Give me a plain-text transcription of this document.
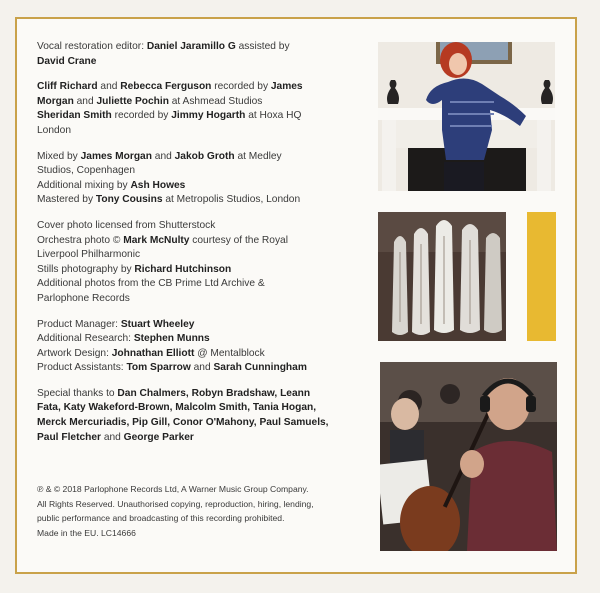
Vocal restoration editor: Daniel Jaramillo G assisted by
David Crane
Cliff Richard and Rebecca Ferguson recorded by James
Morgan and Juliette Pochin at Ashmead Studios
Sheridan Smith recorded by Jimmy Hogarth at Hoxa HQ
London
Mixed by James Morgan and Jakob Groth at Medley
Studios, Copenhagen
Additional mixing by Ash Howes
Mastered by Tony Cousins at Metropolis Studios, London
Cover photo licensed from Shutterstock
Orchestra photo © Mark McNulty courtesy of the Royal
Liverpool Philharmonic
Stills photography by Richard Hutchinson
Additional photos from the CB Prime Ltd Archive &
Parlophone Records
Product Manager: Stuart Wheeley
Additional Research: Stephen Munns
Artwork Design: Johnathan Elliott @ Mentalblock
Product Assistants: Tom Sparrow and Sarah Cunningham
Special thanks to Dan Chalmers, Robyn Bradshaw, Leann
Fata, Katy Wakeford-Brown, Malcolm Smith, Tania Hogan,
Merck Mercuriadis, Pip Gill, Conor O'Mahony, Paul Samuels,
Paul Fletcher and George Parker
℗ & © 2018 Parlophone Records Ltd, A Warner Music Group Company.
All Rights Reserved. Unauthorised copying, reproduction, hiring, lending,
public performance and broadcasting of this recording prohibited.
Made in the EU. LC14666
